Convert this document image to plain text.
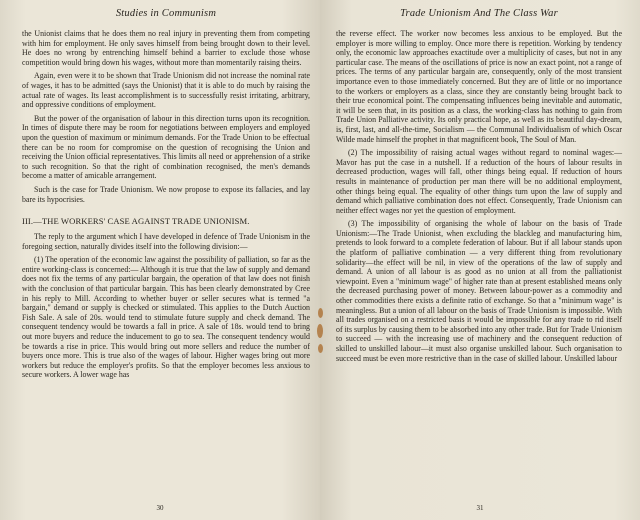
Studies in Communism

the Unionist claims that he does them no real injury in preventing them from competing with him for employment. He only saves himself from being brought down to their level. He does no wrong by entrenching himself behind a barrier to exclude those whose competition would bring down his wages, without more than momentarily raising theirs.

Again, even were it to be shown that Trade Unionism did not increase the nominal rate of wages, it has to be admitted (says the Unionist) that it is able to do much by raising the actual rate of wages. Its least accomplishment is to successfully resist irritating, arbitrary, and oppressive conditions of employment.

But the power of the organisation of labour in this direction turns upon its recognition. In times of dispute there may be room for negotiations between employers and employed upon the question of maximum or minimum demands. For the Trade Union to be effectual there can be no room for compromise on the question of recognising the Union and receiving the Union official representatives. This limits all need or apprehension of a strike to such recognition. So that the right of combination recognised, the men's demands become a matter of amicable arrangement.

Such is the case for Trade Unionism. We now propose to expose its fallacies, and lay bare its hypocrisies.

III.—THE WORKERS' CASE AGAINST TRADE UNIONISM.

The reply to the argument which I have developed in defence of Trade Unionism in the foregoing section, naturally divides itself into the following division:—

(1) The operation of the economic law against the possibility of palliation, so far as the entire working-class is concerned:— Although it is true that the law of supply and demand does not fix the terms of any particular bargain, the operation of that law does not finish with the conclusion of that particular bargain. This has been clearly demonstrated by Cree in his reply to Mill. According to whether buyer or seller secures what is termed "a bargain," demand or supply is checked or stimulated. This applies to the Dutch Auction Fish Sale. A sale of 20s. would tend to stimulate future supply and check demand. The consequent tendency would be towards a fall in price. A sale of 18s. would tend to bring out more buyers and reduce the inducement to go to sea. The consequent tendency would be towards a rise in price. This would bring out more sellers and reduce the number of buyers once more. This is true also of the wages of labour. Higher wages bring out more workers but reduce the employer's profits. So that the employer becomes less anxious to secure workers. A lower wage has

30
Trade Unionism And The Class War

the reverse effect. The worker now becomes less anxious to be employed. But the employer is more willing to employ. Once more there is repetition. Working by tendency only, the economic law approaches exactitude over a multiplicity of cases, but not in any particular case. The means of the oscillations of price is now an exact point, not a range of prices. The terms of any particular bargain are, consequently, only of the most transient importance even to those immediately concerned. But they are of little or no importance to the workers or employers as a class, since they are constantly being brought back to their true economical point. The compensating influences being inevitable and automatic, it will be seen that, in its position as a class, the working-class has nothing to gain from Trade Union Palliative activity. Its only practical hope, as well as its beautiful day-dream, is, first, last, and all-the-time, Socialism — the Communal Individualism of which Oscar Wilde made himself the prophet in that magnificent book, The Soul of Man.

(2) The impossibility of raising actual wages without regard to nominal wages:—Mavor has put the case in a nutshell. If a reduction of the hours of labour results in decreased production, wages will fall, other things being equal. If reduction of hours results in maintenance of production per man there will be no additional employment, other things being equal. The equality of other things turn upon the law of supply and demand which palliative combination does not effect. Consequently, Trade Unionism can neither effect wages nor yet the question of employment.

(3) The impossibility of organising the whole of labour on the basis of Trade Unionism:—The Trade Unionist, when excluding the blackleg and manufacturing him, pretends to look forward to a complete federation of labour. But if all labour stands upon the platform of palliative combination — a very different thing from revolutionary solidarity—the effect will be nil, in view of the operations of the law of supply and demand. A union of all labour is as good as no union at all from the palliationist viewpoint. Even a "minimum wage" of higher rate than at present established means only the decreased purchasing power of money. Between labour-power as a commodity and other commodities there exists a definite ratio of exchange. So that a "minimum wage" is meaningless. But a union of all labour on the basis of Trade Unionism is impossible. With all trades organised on a restricted basis it would be impossible for any trade to rid itself of its surplus by causing them to be absorbed into any other trade. But for Trade Unionism to succeed — with the increasing use of machinery and the consequent reduction of skilled to unskilled labour—it must also organise unskilled labour. Such organisation to succeed must be even more restrictive than in the case of skilled labour. Unskilled labour

31
